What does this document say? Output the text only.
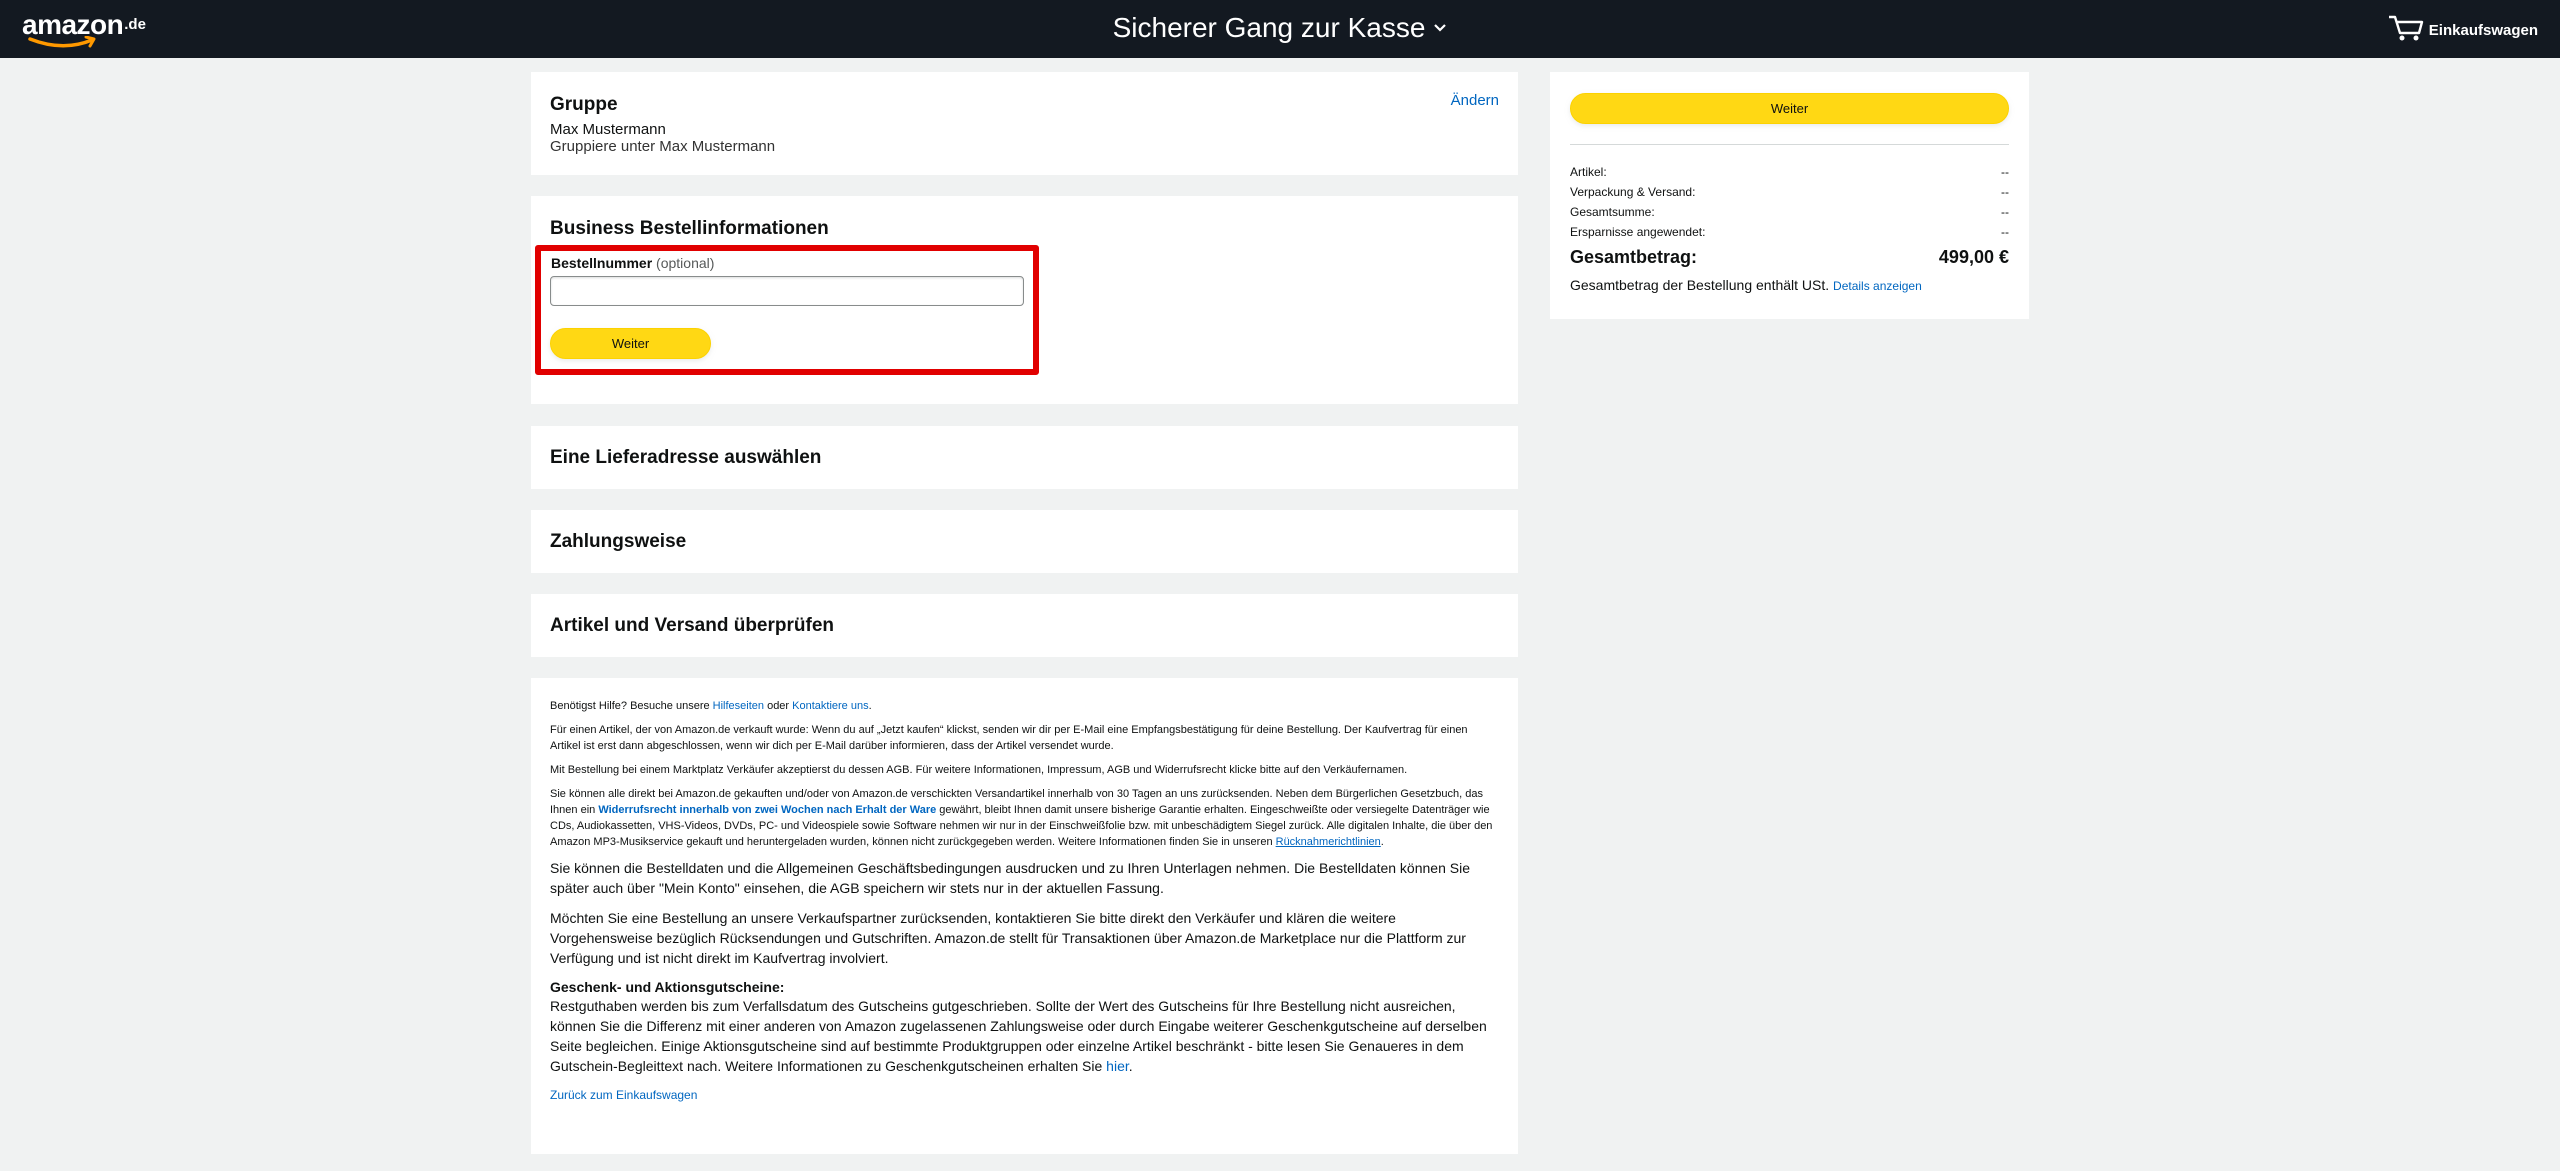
amazon.de	Sicherer Gang zur Kasse	Einkaufswagen
Gruppe	Ändern
Max Mustermann
Gruppiere unter Max Mustermann
Business Bestellinformationen
Bestellnummer (optional)
Weiter
Eine Lieferadresse auswählen
Zahlungsweise
Artikel und Versand überprüfen

Benötigst Hilfe? Besuche unsere Hilfeseiten oder Kontaktiere uns.

Für einen Artikel, der von Amazon.de verkauft wurde: Wenn du auf „Jetzt kaufen“ klickst, senden wir dir per E-Mail eine Empfangsbestätigung für deine Bestellung. Der Kaufvertrag für einen Artikel ist erst dann abgeschlossen, wenn wir dich per E-Mail darüber informieren, dass der Artikel versendet wurde.

Mit Bestellung bei einem Marktplatz Verkäufer akzeptierst du dessen AGB. Für weitere Informationen, Impressum, AGB und Widerrufsrecht klicke bitte auf den Verkäufernamen.

Sie können alle direkt bei Amazon.de gekauften und/oder von Amazon.de verschickten Versandartikel innerhalb von 30 Tagen an uns zurücksenden. Neben dem Bürgerlichen Gesetzbuch, das Ihnen ein Widerrufsrecht innerhalb von zwei Wochen nach Erhalt der Ware gewährt, bleibt Ihnen damit unsere bisherige Garantie erhalten. Eingeschweißte oder versiegelte Datenträger wie CDs, Audiokassetten, VHS-Videos, DVDs, PC- und Videospiele sowie Software nehmen wir nur in der Einschweißfolie bzw. mit unbeschädigtem Siegel zurück. Alle digitalen Inhalte, die über den Amazon MP3-Musikservice gekauft und heruntergeladen wurden, können nicht zurückgegeben werden. Weitere Informationen finden Sie in unseren Rücknahmerichtlinien.

Sie können die Bestelldaten und die Allgemeinen Geschäftsbedingungen ausdrucken und zu Ihren Unterlagen nehmen. Die Bestelldaten können Sie später auch über "Mein Konto" einsehen, die AGB speichern wir stets nur in der aktuellen Fassung.

Möchten Sie eine Bestellung an unsere Verkaufspartner zurücksenden, kontaktieren Sie bitte direkt den Verkäufer und klären die weitere Vorgehensweise bezüglich Rücksendungen und Gutschriften. Amazon.de stellt für Transaktionen über Amazon.de Marketplace nur die Plattform zur Verfügung und ist nicht direkt im Kaufvertrag involviert.

Geschenk- und Aktionsgutscheine:

Restguthaben werden bis zum Verfallsdatum des Gutscheins gutgeschrieben. Sollte der Wert des Gutscheins für Ihre Bestellung nicht ausreichen, können Sie die Differenz mit einer anderen von Amazon zugelassenen Zahlungsweise oder durch Eingabe weiterer Geschenkgutscheine auf derselben Seite begleichen. Einige Aktionsgutscheine sind auf bestimmte Produktgruppen oder einzelne Artikel beschränkt - bitte lesen Sie Genaueres in dem Gutschein-Begleittext nach. Weitere Informationen zu Geschenkgutscheinen erhalten Sie hier.

Zurück zum Einkaufswagen
Weiter
Artikel:	--
Verpackung & Versand:	--
Gesamtsumme:	--
Ersparnisse angewendet:	--
Gesamtbetrag:	499,00 €
Gesamtbetrag der Bestellung enthält USt. Details anzeigen
